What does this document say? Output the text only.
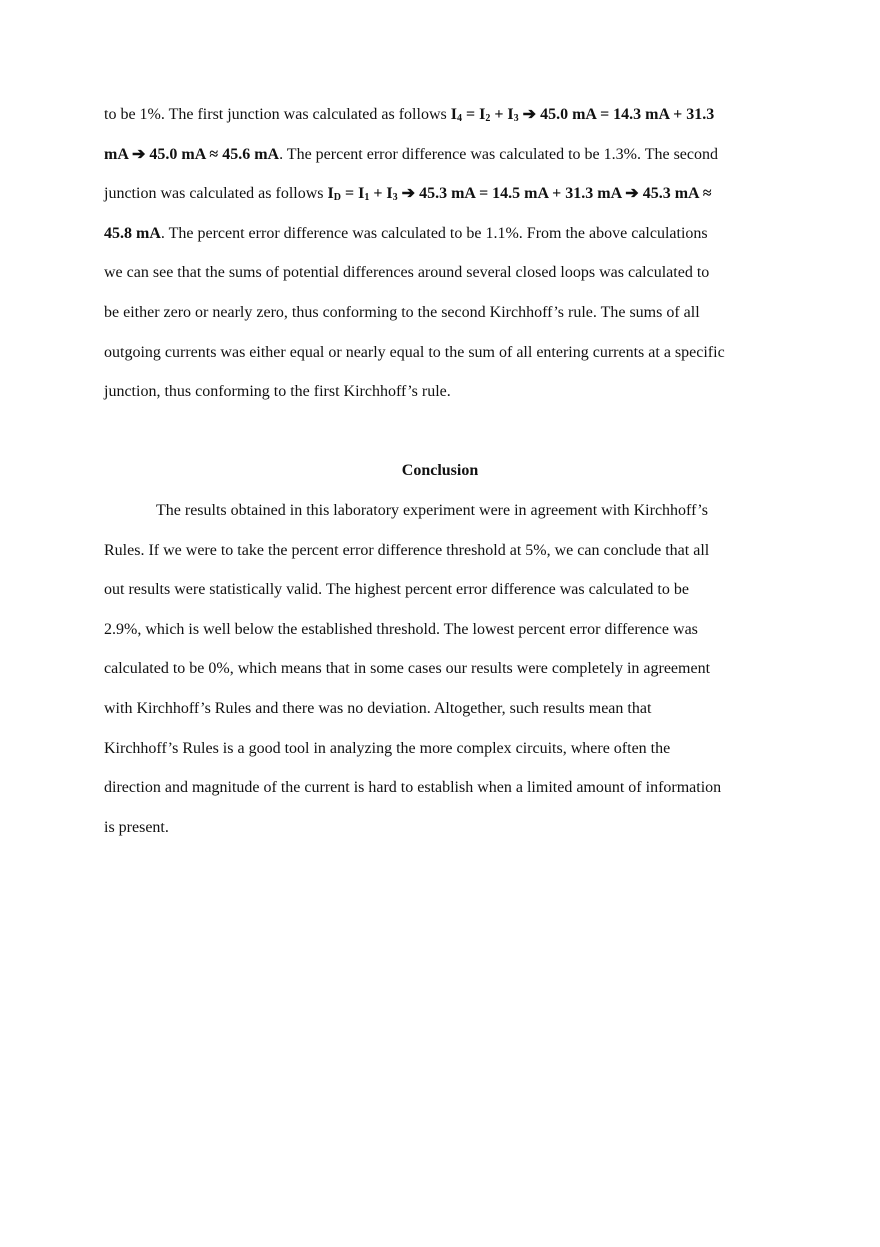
to be 1%. The first junction was calculated as follows $I_4 = I_2 + I_3$ ➔ 45.0 mA = 14.3 mA + 31.3
mA ➔ 45.0 mA ≈ 45.6 mA. The percent error difference was calculated to be 1.3%. The second
junction was calculated as follows $I_D = I_1 + I_3$ ➔ 45.3 mA = 14.5 mA + 31.3 mA ➔ 45.3 mA ≈
45.8 mA. The percent error difference was calculated to be 1.1%. From the above calculations
we can see that the sums of potential differences around several closed loops was calculated to
be either zero or nearly zero, thus conforming to the second Kirchhoff’s rule. The sums of all
outgoing currents was either equal or nearly equal to the sum of all entering currents at a specific
junction, thus conforming to the first Kirchhoff’s rule.
Conclusion
The results obtained in this laboratory experiment were in agreement with Kirchhoff’s
Rules. If we were to take the percent error difference threshold at 5%, we can conclude that all
out results were statistically valid. The highest percent error difference was calculated to be
2.9%, which is well below the established threshold. The lowest percent error difference was
calculated to be 0%, which means that in some cases our results were completely in agreement
with Kirchhoff’s Rules and there was no deviation. Altogether, such results mean that
Kirchhoff’s Rules is a good tool in analyzing the more complex circuits, where often the
direction and magnitude of the current is hard to establish when a limited amount of information
is present.
